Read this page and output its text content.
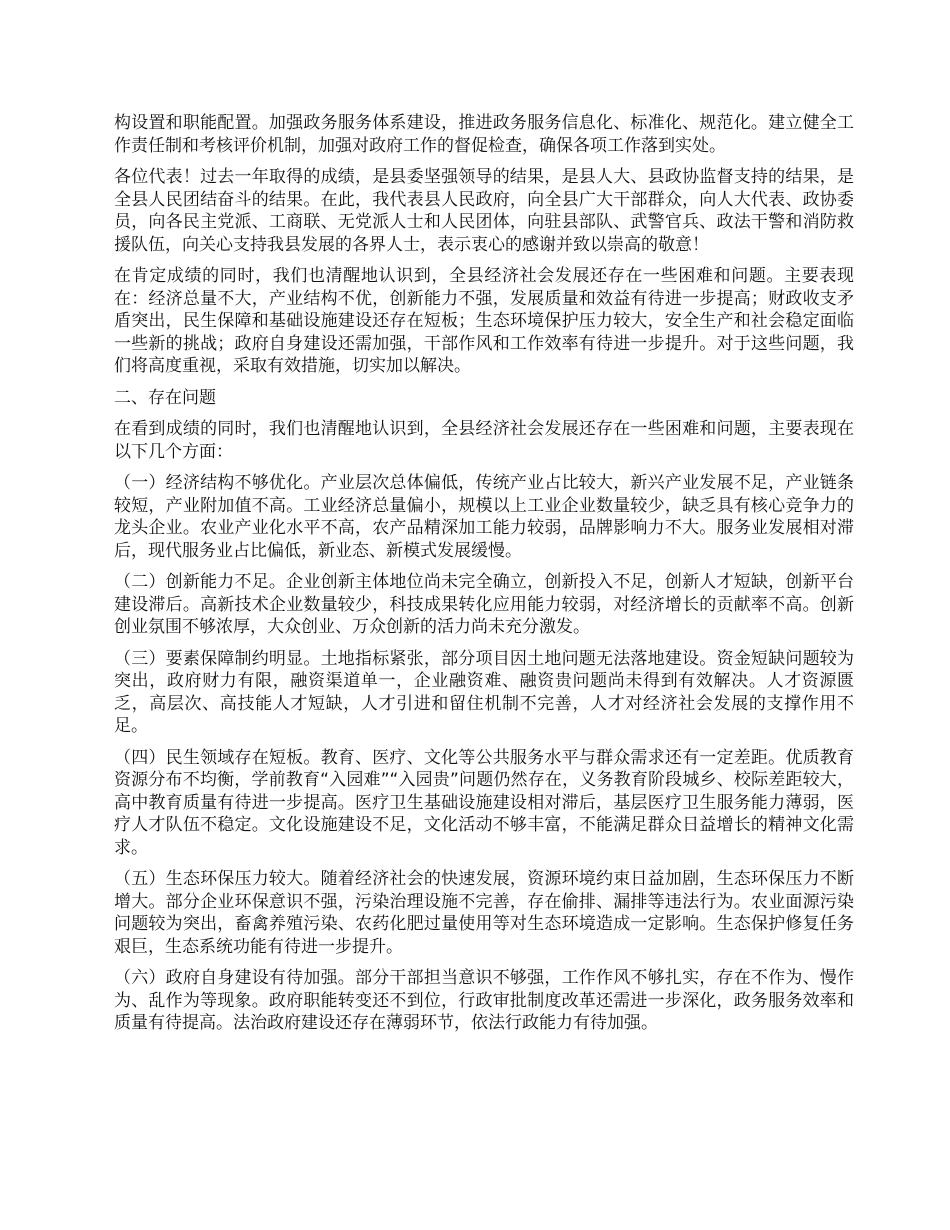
构设置和职能配置。加强政务服务体系建设，推进政务服务信息化、标准化、规范化。建立健全工作责任制和考核评价机制，加强对政府工作的督促检查，确保各项工作落到实处。

各位代表！过去一年取得的成绩，是县委坚强领导的结果，是县人大、县政协监督支持的结果，是全县人民团结奋斗的结果。在此，我代表县人民政府，向全县广大干部群众，向人大代表、政协委员，向各民主党派、工商联、无党派人士和人民团体，向驻县部队、武警官兵、政法干警和消防救援队伍，向关心支持我县发展的各界人士，表示衷心的感谢并致以崇高的敬意！

在肯定成绩的同时，我们也清醒地认识到，全县经济社会发展还存在一些困难和问题。主要表现在：经济总量不大，产业结构不优，创新能力不强，发展质量和效益有待进一步提高；财政收支矛盾突出，民生保障和基础设施建设还存在短板；生态环境保护压力较大，安全生产和社会稳定面临一些新的挑战；政府自身建设还需加强，干部作风和工作效率有待进一步提升。对于这些问题，我们将高度重视，采取有效措施，切实加以解决。

二、存在问题

在看到成绩的同时，我们也清醒地认识到，全县经济社会发展还存在一些困难和问题，主要表现在以下几个方面：

（一）经济结构不够优化。产业层次总体偏低，传统产业占比较大，新兴产业发展不足，产业链条较短，产业附加值不高。工业经济总量偏小，规模以上工业企业数量较少，缺乏具有核心竞争力的龙头企业。农业产业化水平不高，农产品精深加工能力较弱，品牌影响力不大。服务业发展相对滞后，现代服务业占比偏低，新业态、新模式发展缓慢。

（二）创新能力不足。企业创新主体地位尚未完全确立，创新投入不足，创新人才短缺，创新平台建设滞后。高新技术企业数量较少，科技成果转化应用能力较弱，对经济增长的贡献率不高。创新创业氛围不够浓厚，大众创业、万众创新的活力尚未充分激发。

（三）要素保障制约明显。土地指标紧张，部分项目因土地问题无法落地建设。资金短缺问题较为突出，政府财力有限，融资渠道单一，企业融资难、融资贵问题尚未得到有效解决。人才资源匮乏，高层次、高技能人才短缺，人才引进和留住机制不完善，人才对经济社会发展的支撑作用不足。

（四）民生领域存在短板。教育、医疗、文化等公共服务水平与群众需求还有一定差距。优质教育资源分布不均衡，学前教育“入园难”“入园贵”问题仍然存在，义务教育阶段城乡、校际差距较大，高中教育质量有待进一步提高。医疗卫生基础设施建设相对滞后，基层医疗卫生服务能力薄弱，医疗人才队伍不稳定。文化设施建设不足，文化活动不够丰富，不能满足群众日益增长的精神文化需求。

（五）生态环保压力较大。随着经济社会的快速发展，资源环境约束日益加剧，生态环保压力不断增大。部分企业环保意识不强，污染治理设施不完善，存在偷排、漏排等违法行为。农业面源污染问题较为突出，畜禽养殖污染、农药化肥过量使用等对生态环境造成一定影响。生态保护修复任务艰巨，生态系统功能有待进一步提升。

（六）政府自身建设有待加强。部分干部担当意识不够强，工作作风不够扎实，存在不作为、慢作为、乱作为等现象。政府职能转变还不到位，行政审批制度改革还需进一步深化，政务服务效率和质量有待提高。法治政府建设还存在薄弱环节，依法行政能力有待加强。
